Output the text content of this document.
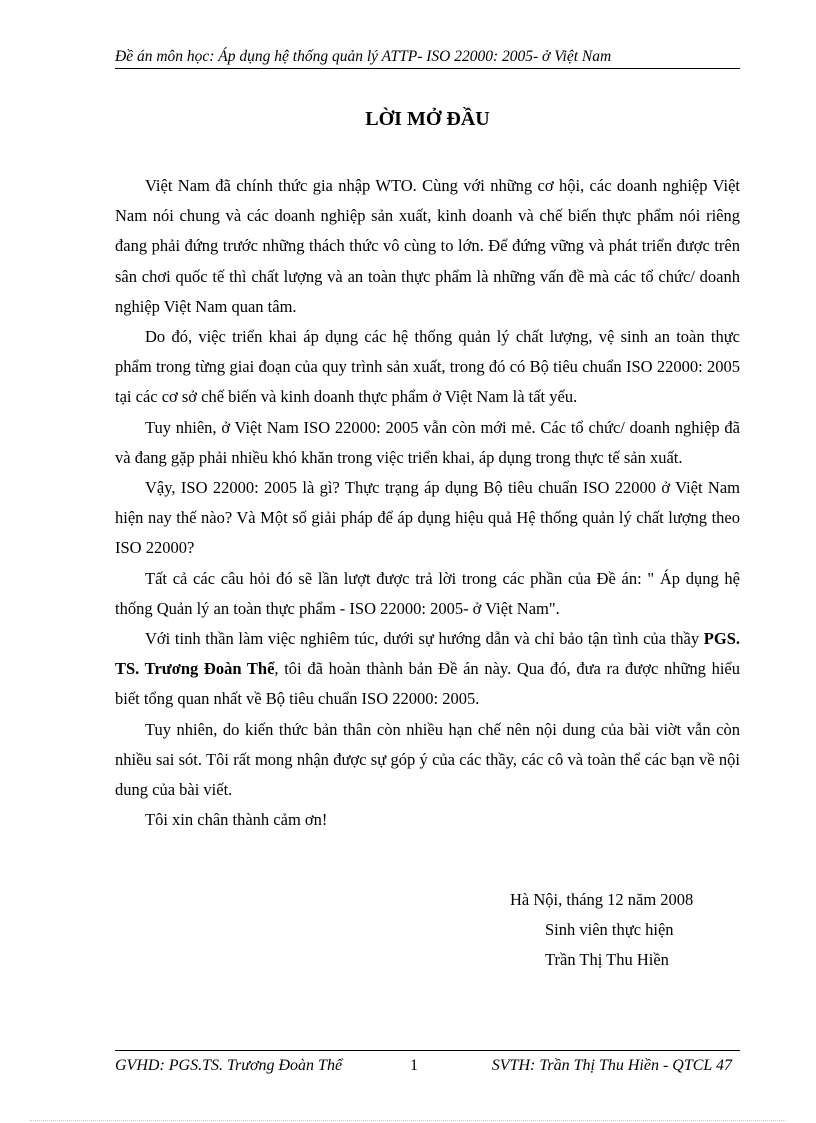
Đề án môn học: Áp dụng hệ thống quản lý ATTP- ISO 22000: 2005- ở Việt Nam
LỜI MỞ ĐẦU

Việt Nam đã chính thức gia nhập WTO. Cùng với những cơ hội, các doanh nghiệp Việt Nam nói chung và các doanh nghiệp sản xuất, kinh doanh và chế biến thực phẩm nói riêng đang phải đứng trước những thách thức vô cùng to lớn. Để đứng vững và phát triển được trên sân chơi quốc tế thì chất lượng và an toàn thực phẩm là những vấn đề mà các tổ chức/ doanh nghiệp Việt Nam quan tâm.

Do đó, việc triển khai áp dụng các hệ thống quản lý chất lượng, vệ sinh an toàn thực phẩm trong từng giai đoạn của quy trình sản xuất, trong đó có Bộ tiêu chuẩn ISO 22000: 2005 tại các cơ sở chế biến và kinh doanh thực phẩm ở Việt Nam là tất yếu.

Tuy nhiên, ở Việt Nam ISO 22000: 2005 vẫn còn mới mẻ. Các tổ chức/ doanh nghiệp đã và đang gặp phải nhiều khó khăn trong việc triển khai, áp dụng trong thực tế sản xuất.

Vậy, ISO 22000: 2005 là gì? Thực trạng áp dụng Bộ tiêu chuẩn ISO 22000 ở Việt Nam hiện nay thế nào? Và Một số giải pháp để áp dụng hiệu quả Hệ thống quản lý chất lượng theo ISO 22000?

Tất cả các câu hỏi đó sẽ lần lượt được trả lời trong các phần của Đề án: " Áp dụng hệ thống Quản lý an toàn thực phẩm - ISO 22000: 2005- ở Việt Nam".

Với tinh thần làm việc nghiêm túc, dưới sự hướng dẫn và chỉ bảo tận tình của thầy PGS. TS. Trương Đoàn Thể, tôi đã hoàn thành bản Đề án này. Qua đó, đưa ra được những hiểu biết tổng quan nhất về Bộ tiêu chuẩn ISO 22000: 2005.

Tuy nhiên, do kiến thức bản thân còn nhiều hạn chế nên nội dung của bài viờt vẫn còn nhiều sai sót. Tôi rất mong nhận được sự góp ý của các thầy, các cô và toàn thể các bạn về nội dung của bài viết.

Tôi xin chân thành cảm ơn!

Hà Nội, tháng 12 năm 2008
Sinh viên thực hiện
Trần Thị Thu Hiền
GVHD: PGS.TS. Trương Đoàn Thể	1	SVTH: Trần Thị Thu Hiền - QTCL 47
